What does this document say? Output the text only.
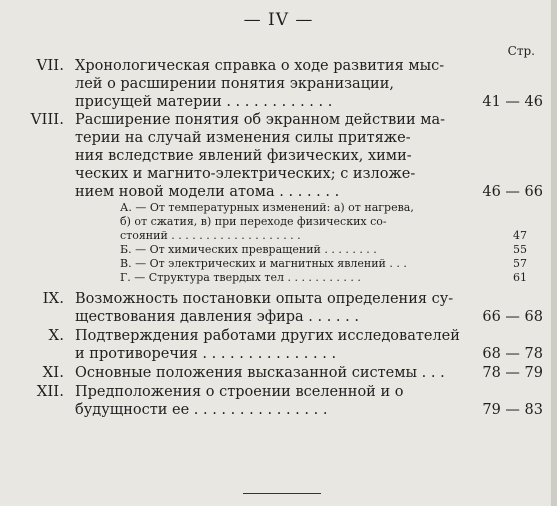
— IV —
Стр.
VII. Хронологическая справка о ходе развития мыс-
лей о расширении понятия экранизации,
присущей материи . . . . . . . . . . . .	41 — 46
VIII. Расширение понятия об экранном действии ма-
терии на случай изменения силы притяже-
ния вследствие явлений физических, хими-
ческих и магнито-электрических; с изложе-
нием новой модели атома . . . . . . .	46 — 66
А. — От температурных изменений: а) от нагрева,
б) от сжатия, в) при переходе физических со-
стояний . . . . . . . . . . . . . . . . . . .	47
Б. — От химических превращений . . . . . . . .	55
В. — От электрических и магнитных явлений . . .	57
Г. — Структура твердых тел . . . . . . . . . . .	61
IX. Возможность постановки опыта определения су-
ществования давления эфира . . . . . .	66 — 68
X. Подтверждения работами других исследователей
и противоречия . . . . . . . . . . . . . . .	68 — 78
XI. Основные положения высказанной системы . . .	78 — 79
XII. Предположения о строении вселенной и о
будущности ее . . . . . . . . . . . . . . .	79 — 83
